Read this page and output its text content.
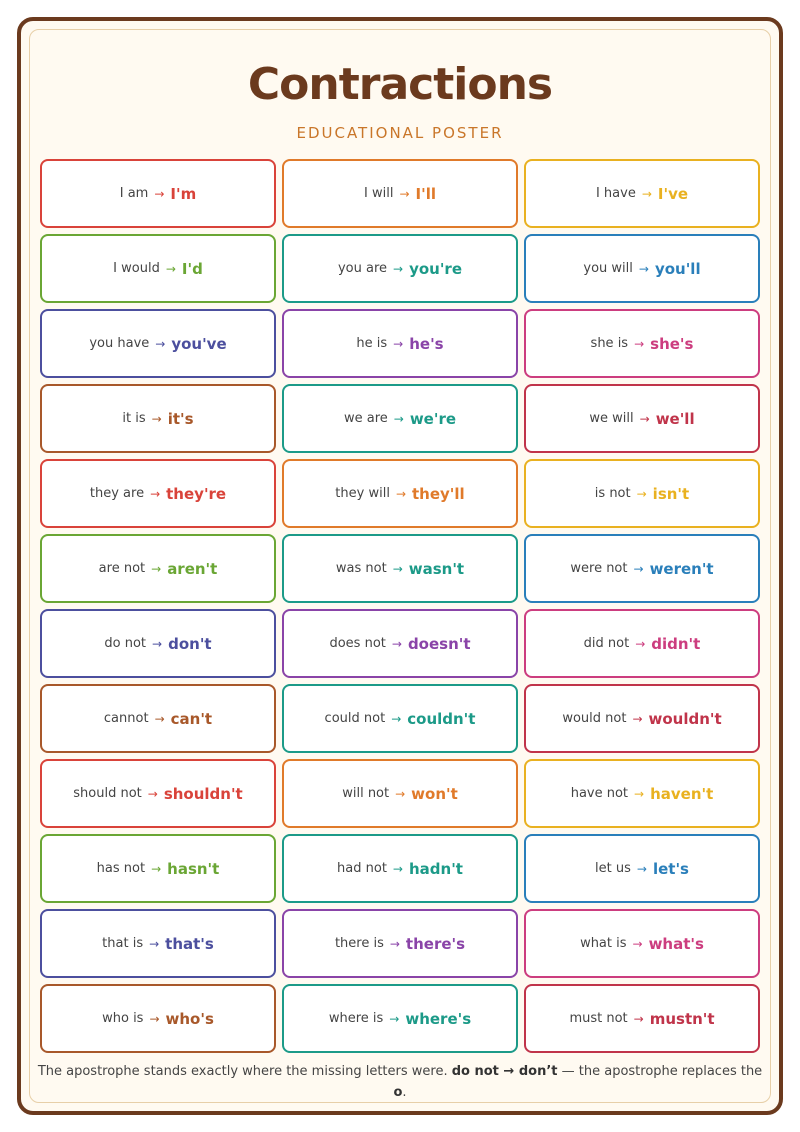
Contractions
EDUCATIONAL POSTER
I am → I'm	I will → I'll	I have → I've
I would → I'd	you are → you're	you will → you'll
you have → you've	he is → he's	she is → she's
it is → it's	we are → we're	we will → we'll
they are → they're	they will → they'll	is not → isn't
are not → aren't	was not → wasn't	were not → weren't
do not → don't	does not → doesn't	did not → didn't
cannot → can't	could not → couldn't	would not → wouldn't
should not → shouldn't	will not → won't	have not → haven't
has not → hasn't	had not → hadn't	let us → let's
that is → that's	there is → there's	what is → what's
who is → who's	where is → where's	must not → mustn't

The apostrophe stands exactly where the missing letters were. do not → don’t — the apostrophe replaces the o.
